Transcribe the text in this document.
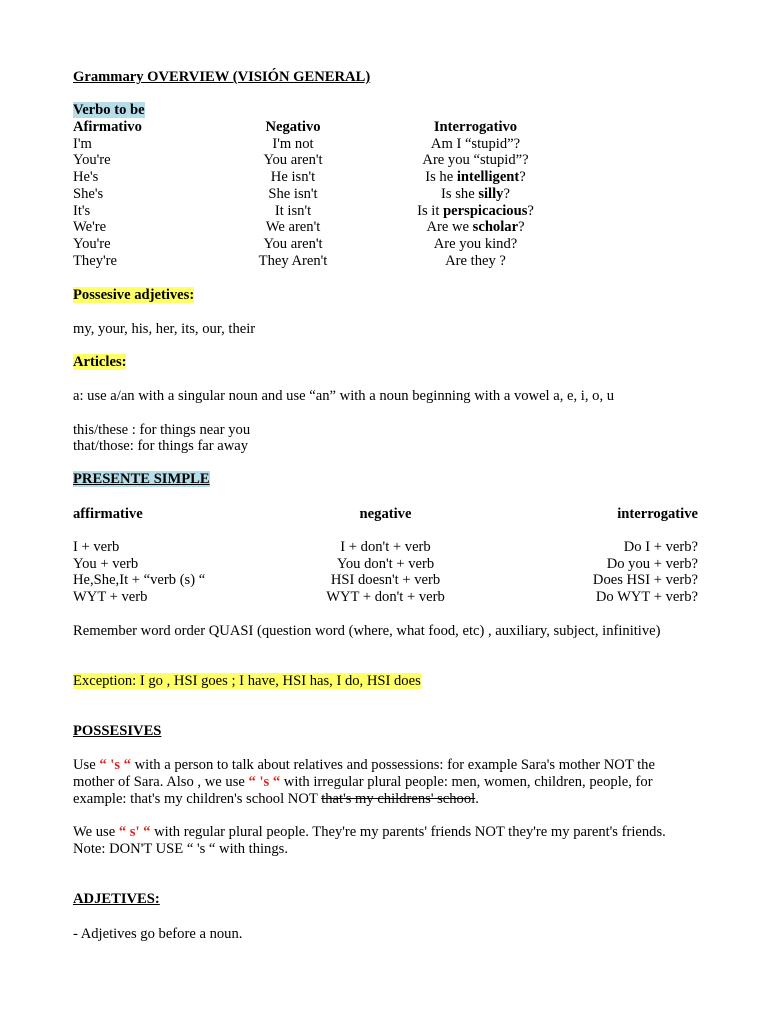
Grammary OVERVIEW (VISIÓN GENERAL)
Verbo to be
Afirmativo	Negativo	Interrogativo
I'm	I'm not	Am I “stupid”?
You're	You aren't	Are you “stupid”?
He's	He isn't	Is he intelligent?
She's	She isn't	Is she silly?
It's	It isn't	Is it perspicacious?
We're	We aren't	Are we scholar?
You're	You aren't	Are you kind?
They're	They Aren't	Are they ?
Possesive adjetives:
my, your, his, her, its, our, their
Articles:
a: use a/an with a singular noun and use “an” with a noun beginning with a vowel a, e, i, o, u
this/these : for things near you
that/those: for things far away
PRESENTE SIMPLE
affirmative	negative	interrogative
I + verb	I + don't + verb	Do I + verb?
You + verb	You don't + verb	Do you + verb?
He,She,It + “verb (s) “	HSI doesn't + verb	Does HSI + verb?
WYT + verb	WYT + don't + verb	Do WYT + verb?
Remember word order QUASI (question word (where, what food, etc) , auxiliary, subject, infinitive)
Exception: I go , HSI goes ; I have, HSI has, I do, HSI does
POSSESIVES
Use “ 's “ with a person to talk about relatives and possessions: for example Sara's mother NOT the mother of Sara. Also , we use “ 's “ with irregular plural people: men, women, children, people, for example: that's my children's school NOT that's my childrens' school.
We use “ s' “ with regular plural people. They're my parents' friends NOT they're my parent's friends. Note: DON'T USE “ 's “ with things.
ADJETIVES:
- Adjetives go before a noun.
